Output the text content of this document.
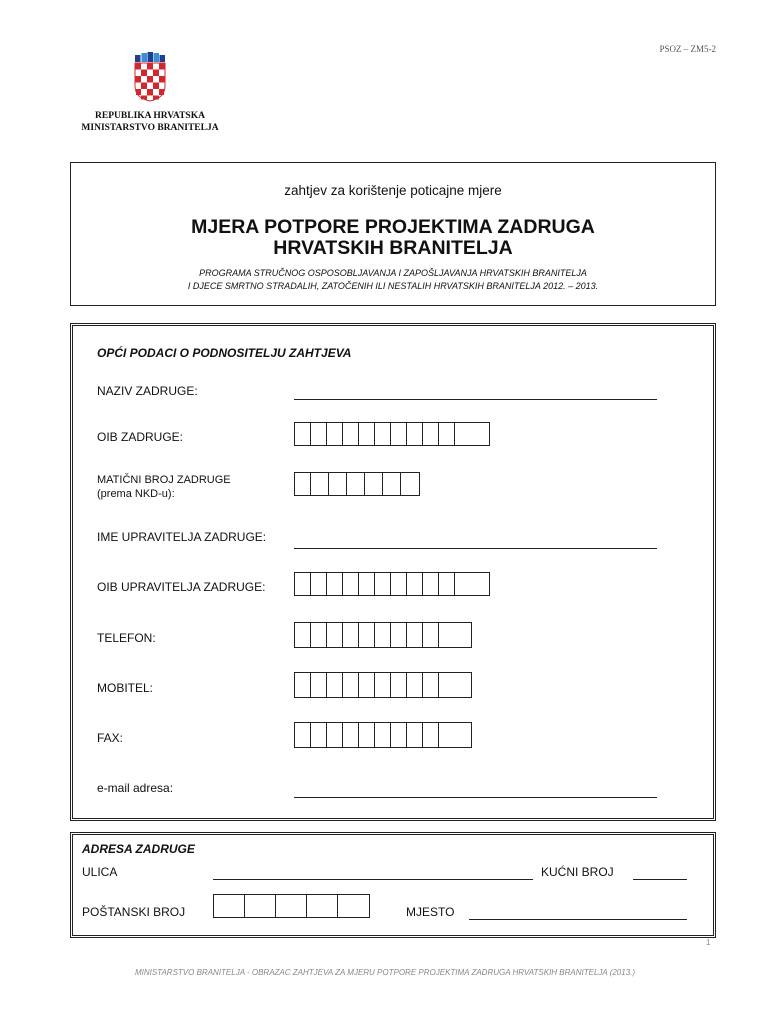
PSOZ – ZM5-2
REPUBLIKA HRVATSKA
MINISTARSTVO BRANITELJA
zahtjev za korištenje poticajne mjere
MJERA POTPORE PROJEKTIMA ZADRUGA
HRVATSKIH BRANITELJA
PROGRAMA STRUČNOG OSPOSOBLJAVANJA I ZAPOŠLJAVANJA HRVATSKIH BRANITELJA
I DJECE SMRTNO STRADALIH, ZATOČENIH ILI NESTALIH HRVATSKIH BRANITELJA 2012. – 2013.
OPĆI PODACI O PODNOSITELJU ZAHTJEVA
NAZIV ZADRUGE:
OIB ZADRUGE:
MATIČNI BROJ ZADRUGE
(prema NKD-u):
IME UPRAVITELJA ZADRUGE:
OIB UPRAVITELJA ZADRUGE:
TELEFON:
MOBITEL:
FAX:
e-mail adresa:
ADRESA ZADRUGE
ULICA	KUĆNI BROJ
POŠTANSKI BROJ	MJESTO
1
MINISTARSTVO BRANITELJA - OBRAZAC ZAHTJEVA ZA MJERU POTPORE PROJEKTIMA ZADRUGA HRVATSKIH BRANITELJA (2013.)
